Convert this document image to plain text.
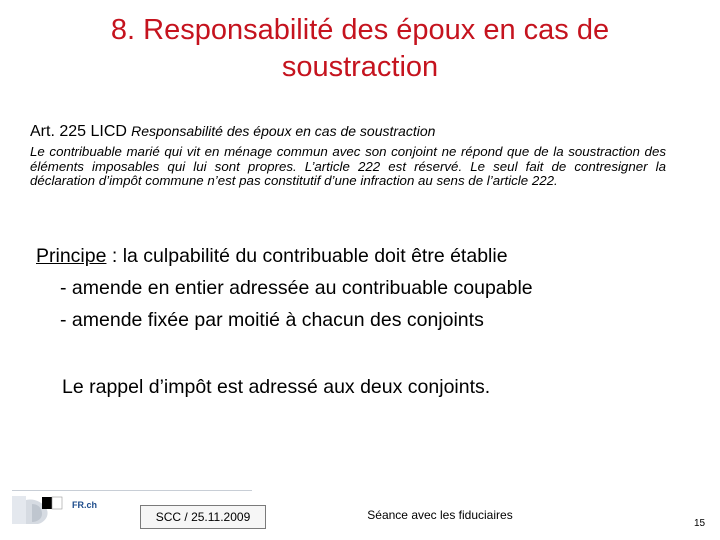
8. Responsabilité des époux en cas de
soustraction
Art. 225 LICD Responsabilité des époux en cas de soustraction
Le contribuable marié qui vit en ménage commun avec son conjoint ne répond que de la soustraction des éléments imposables qui lui sont propres. L’article 222 est réservé. Le seul fait de contresigner la déclaration d’impôt commune n’est pas constitutif d’une infraction au sens de l’article 222.
Principe : la culpabilité du contribuable doit être établie
- amende en entier adressée au contribuable coupable
- amende fixée par moitié à chacun des conjoints
Le rappel d’impôt est adressé aux deux conjoints.
FR.ch
SCC / 25.11.2009	Séance avec les fiduciaires
15
